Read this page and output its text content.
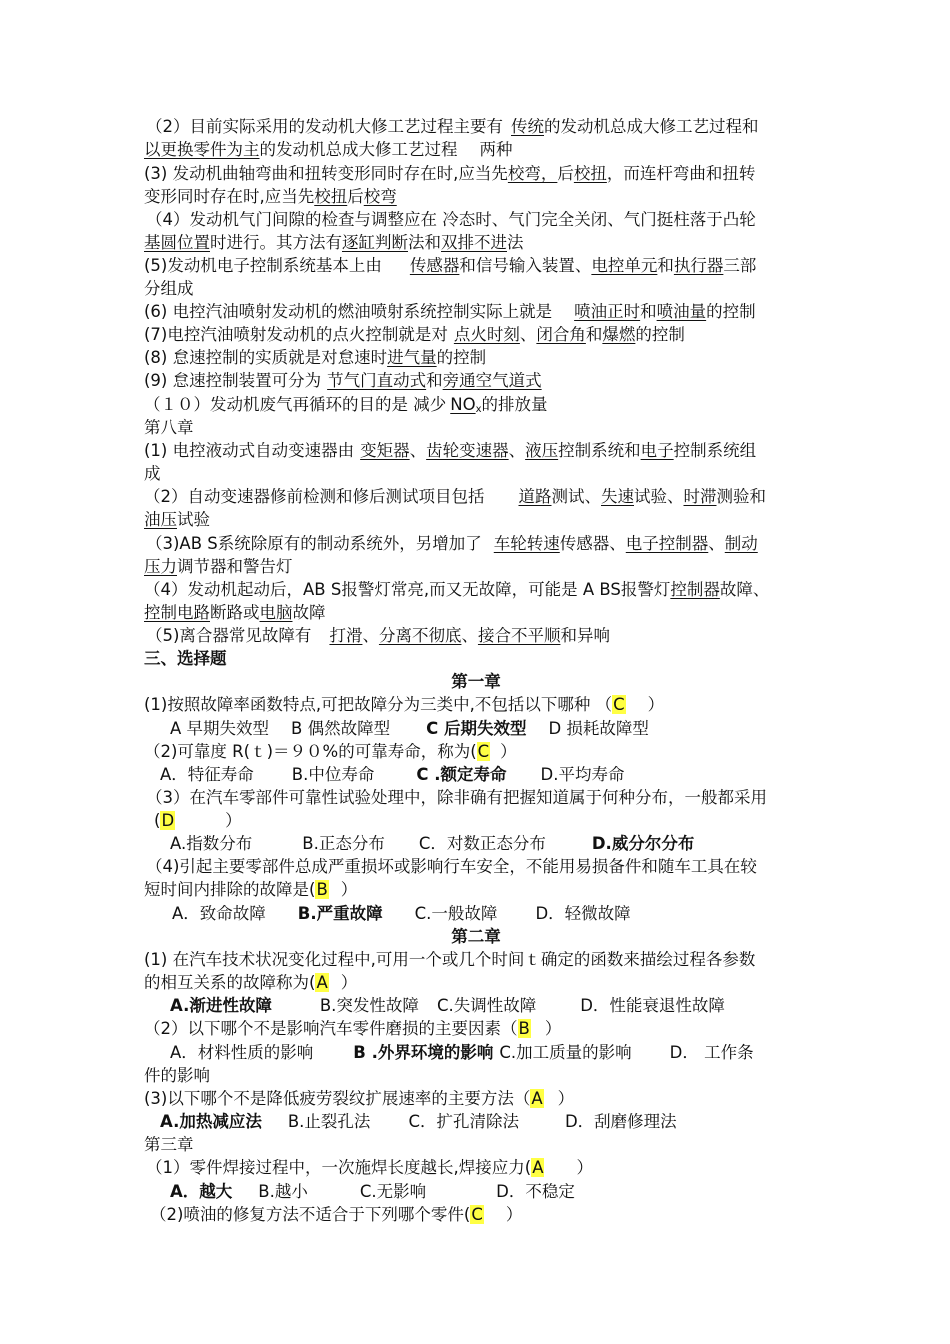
（2）目前实际采用的发动机大修工艺过程主要有 传统的发动机总成大修工艺过程和
以更换零件为主的发动机总成大修工艺过程 两种
(3) 发动机曲轴弯曲和扭转变形同时存在时,应当先校弯，后校扭，而连杆弯曲和扭转
变形同时存在时,应当先校扭后校弯
（4）发动机气门间隙的检查与调整应在 冷态时、气门完全关闭、气门挺柱落于凸轮
基圆位置时进行。其方法有逐缸判断法和双排不进法
(5)发动机电子控制系统基本上由 传感器和信号输入装置、电控单元和执行器三部
分组成
(6) 电控汽油喷射发动机的燃油喷射系统控制实际上就是 喷油正时和喷油量的控制
(7)电控汽油喷射发动机的点火控制就是对 点火时刻、闭合角和爆燃的控制
(8) 怠速控制的实质就是对怠速时进气量的控制
(9) 怠速控制装置可分为 节气门直动式和旁通空气道式
（１０）发动机废气再循环的目的是 减少 $NO_x$的排放量
第八章
(1) 电控液动式自动变速器由 变矩器、齿轮变速器、液压控制系统和电子控制系统组
成
（2）自动变速器修前检测和修后测试项目包括 道路测试、失速试验、时滞测验和
油压试验
（3)AB S系统除原有的制动系统外，另增加了 车轮转速传感器、电子控制器、制动
压力调节器和警告灯
（4）发动机起动后，AB S报警灯常亮,而又无故障，可能是 A BS报警灯控制器故障、
控制电路断路或电脑故障
（5)离合器常见故障有 打滑、分离不彻底、接合不平顺和异响
三、选择题
第一章
(1)按照故障率函数特点,可把故障分为三类中,不包括以下哪种 （C ）
A 早期失效型 B 偶然故障型 C 后期失效型 D 损耗故障型
（2)可靠度 R(ｔ)＝９０%的可靠寿命，称为(C ）
A．特征寿命 B.中位寿命	C .额定寿命 D.平均寿命
（3）在汽车零部件可靠性试验处理中，除非确有把握知道属于何种分布，一般都采用
(D	）
A.指数分布	B.正态分布 C．对数正态分布	D.威分尔分布
（4)引起主要零部件总成严重损坏或影响行车安全，不能用易损备件和随车工具在较
短时间内排除的故障是(B ）
A．致命故障 B.严重故障 C.一般故障 D．轻微故障
第二章
(1) 在汽车技术状况变化过程中,可用一个或几个时间ｔ确定的函数来描绘过程各参数
的相互关系的故障称为(A ）
A.渐进性故障	B.突发性故障 C.失调性故障	D．性能衰退性故障
（2）以下哪个不是影响汽车零件磨损的主要因素（B ）
A．材料性质的影响 B .外界环境的影响 C.加工质量的影响 D． 工作条
件的影响
(3)以下哪个不是降低疲劳裂纹扩展速率的主要方法（A ）
A.加热减应法 B.止裂孔法 C．扩孔清除法	D．刮磨修理法
第三章
（1）零件焊接过程中，一次施焊长度越长,焊接应力(A ）
A．越大 B.越小	C.无影响	D．不稳定
（2)喷油的修复方法不适合于下列哪个零件(C ）
